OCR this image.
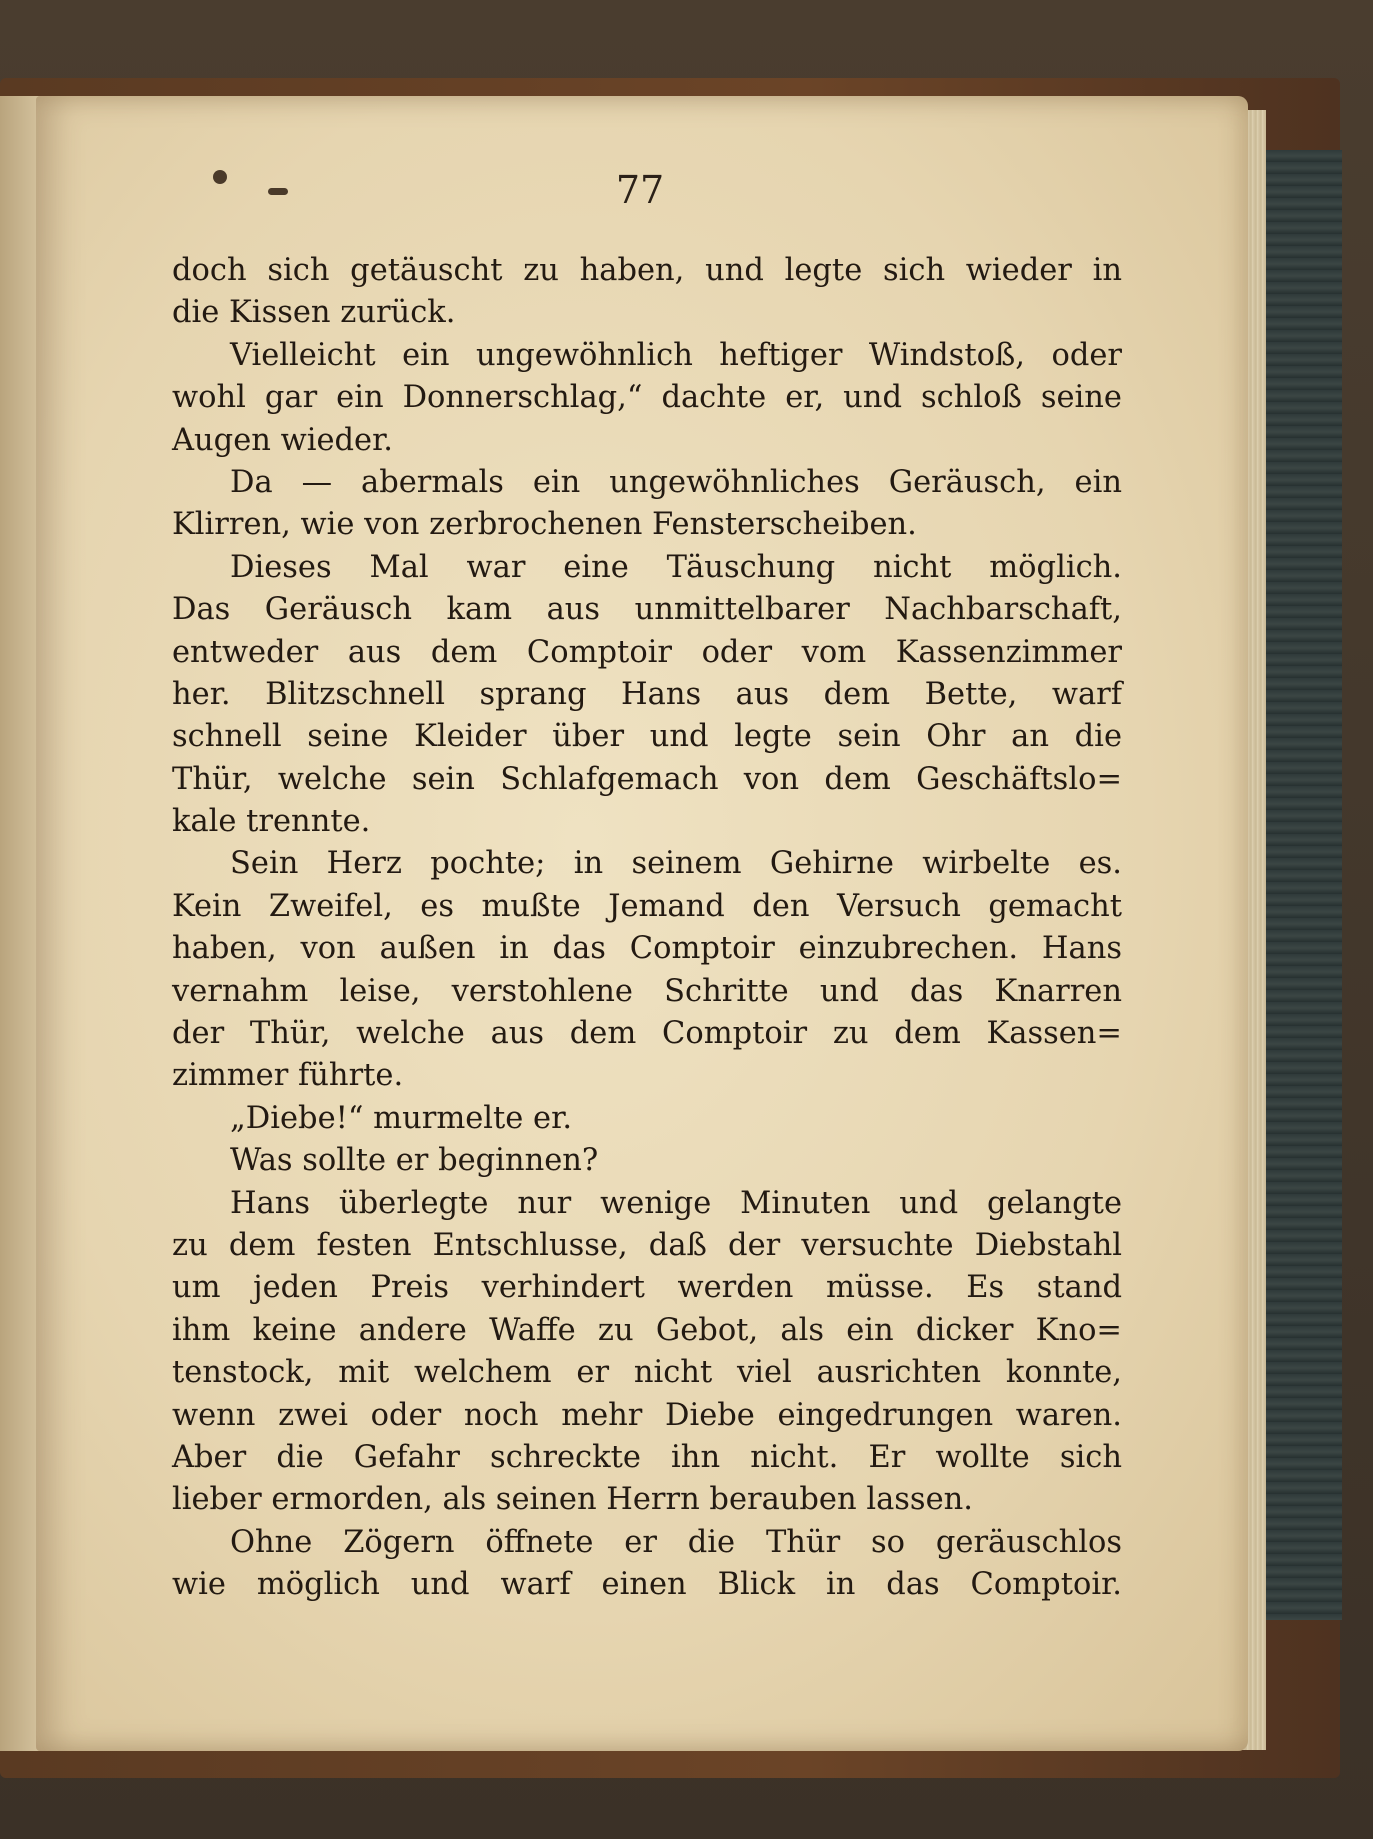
77
doch sich getäuscht zu haben, und legte sich wieder in
die Kissen zurück.
Vielleicht ein ungewöhnlich heftiger Windstoß, oder
wohl gar ein Donnerschlag,“ dachte er, und schloß seine
Augen wieder.
Da — abermals ein ungewöhnliches Geräusch, ein
Klirren, wie von zerbrochenen Fensterscheiben.
Dieses Mal war eine Täuschung nicht möglich.
Das Geräusch kam aus unmittelbarer Nachbarschaft,
entweder aus dem Comptoir oder vom Kassenzimmer
her. Blitzschnell sprang Hans aus dem Bette, warf
schnell seine Kleider über und legte sein Ohr an die
Thür, welche sein Schlafgemach von dem Geschäftslo=
kale trennte.
Sein Herz pochte; in seinem Gehirne wirbelte es.
Kein Zweifel, es mußte Jemand den Versuch gemacht
haben, von außen in das Comptoir einzubrechen. Hans
vernahm leise, verstohlene Schritte und das Knarren
der Thür, welche aus dem Comptoir zu dem Kassen=
zimmer führte.
„Diebe!“ murmelte er.
Was sollte er beginnen?
Hans überlegte nur wenige Minuten und gelangte
zu dem festen Entschlusse, daß der versuchte Diebstahl
um jeden Preis verhindert werden müsse. Es stand
ihm keine andere Waffe zu Gebot, als ein dicker Kno=
tenstock, mit welchem er nicht viel ausrichten konnte,
wenn zwei oder noch mehr Diebe eingedrungen waren.
Aber die Gefahr schreckte ihn nicht. Er wollte sich
lieber ermorden, als seinen Herrn berauben lassen.
Ohne Zögern öffnete er die Thür so geräuschlos
wie möglich und warf einen Blick in das Comptoir.
